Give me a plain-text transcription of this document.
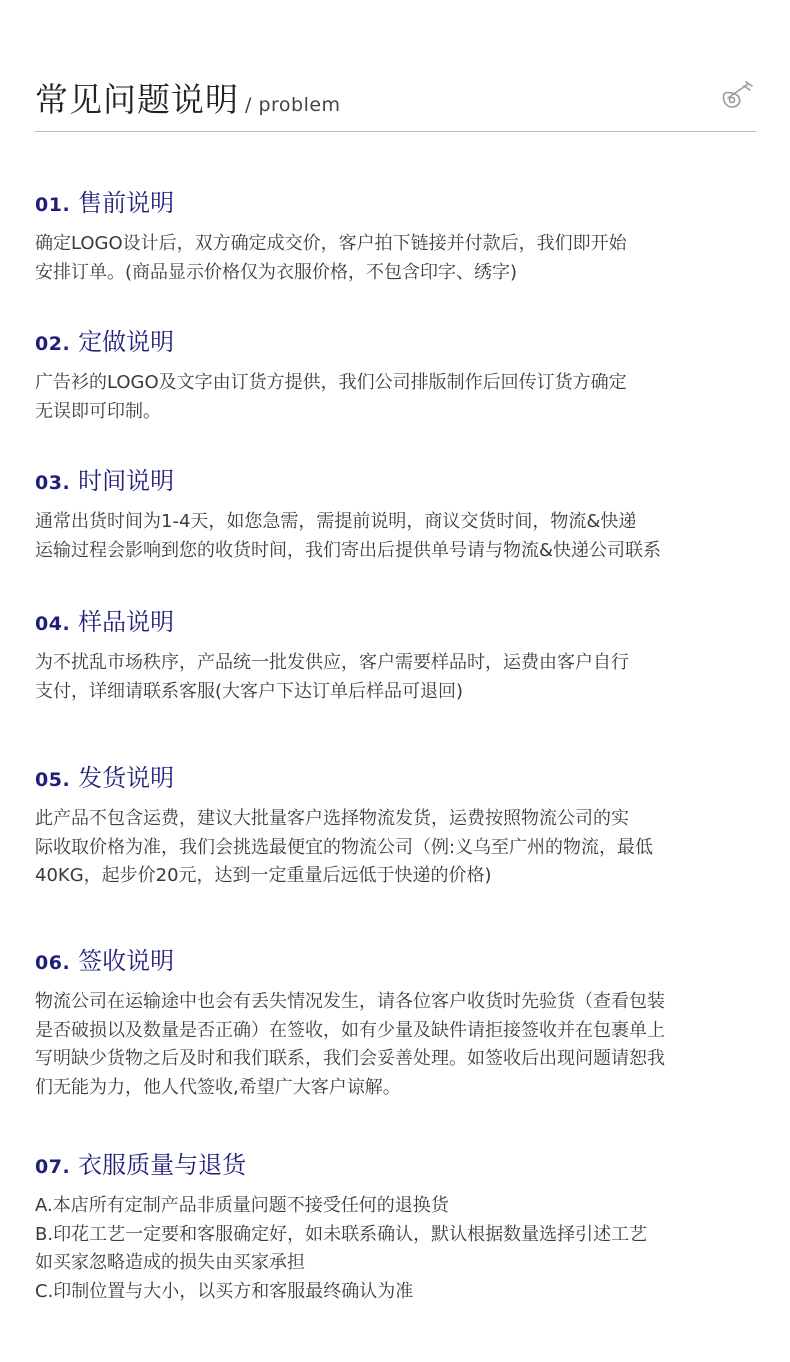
常见问题说明 / problem
01. 售前说明
确定LOGO设计后，双方确定成交价，客户拍下链接并付款后，我们即开始
安排订单。(商品显示价格仅为衣服价格，不包含印字、绣字)
02. 定做说明
广告衫的LOGO及文字由订货方提供，我们公司排版制作后回传订货方确定
无误即可印制。
03. 时间说明
通常出货时间为1-4天，如您急需，需提前说明，商议交货时间，物流&快递
运输过程会影响到您的收货时间，我们寄出后提供单号请与物流&快递公司联系
04. 样品说明
为不扰乱市场秩序，产品统一批发供应，客户需要样品时，运费由客户自行
支付，详细请联系客服(大客户下达订单后样品可退回)
05. 发货说明
此产品不包含运费，建议大批量客户选择物流发货，运费按照物流公司的实
际收取价格为准，我们会挑选最便宜的物流公司（例:义乌至广州的物流，最低
40KG，起步价20元，达到一定重量后远低于快递的价格)
06. 签收说明
物流公司在运输途中也会有丢失情况发生，请各位客户收货时先验货（查看包装
是否破损以及数量是否正确）在签收，如有少量及缺件请拒接签收并在包裹单上
写明缺少货物之后及时和我们联系，我们会妥善处理。如签收后出现问题请恕我
们无能为力，他人代签收,希望广大客户谅解。
07. 衣服质量与退货
A.本店所有定制产品非质量问题不接受任何的退换货
B.印花工艺一定要和客服确定好，如未联系确认，默认根据数量选择引述工艺
如买家忽略造成的损失由买家承担
C.印制位置与大小，以买方和客服最终确认为准
